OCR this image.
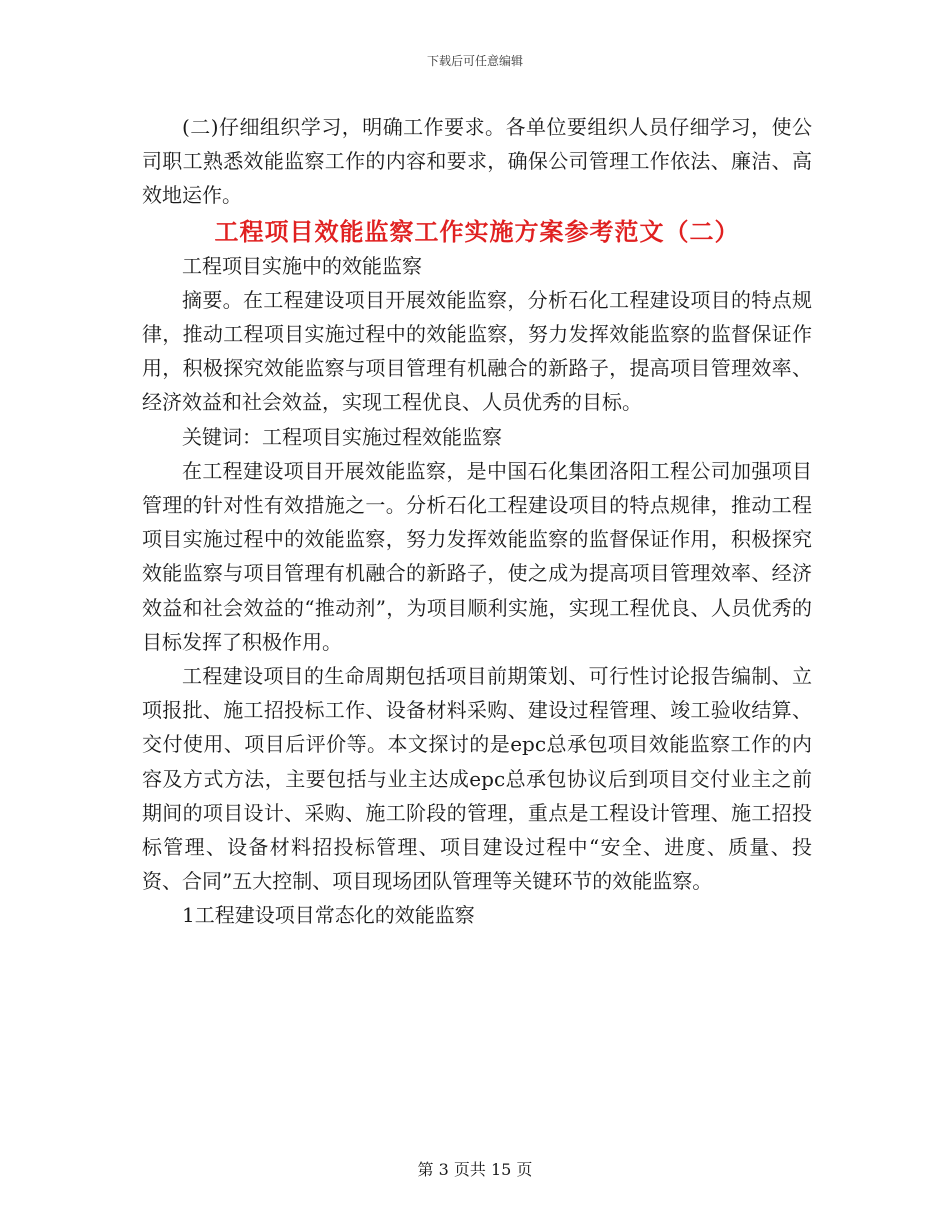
下载后可任意编辑

(二)仔细组织学习，明确工作要求。各单位要组织人员仔细学习，使公司职工熟悉效能监察工作的内容和要求，确保公司管理工作依法、廉洁、高效地运作。

工程项目效能监察工作实施方案参考范文（二）

工程项目实施中的效能监察

摘要。在工程建设项目开展效能监察，分析石化工程建设项目的特点规律，推动工程项目实施过程中的效能监察，努力发挥效能监察的监督保证作用，积极探究效能监察与项目管理有机融合的新路子，提高项目管理效率、经济效益和社会效益，实现工程优良、人员优秀的目标。

关键词：工程项目实施过程效能监察

在工程建设项目开展效能监察，是中国石化集团洛阳工程公司加强项目管理的针对性有效措施之一。分析石化工程建设项目的特点规律，推动工程项目实施过程中的效能监察，努力发挥效能监察的监督保证作用，积极探究效能监察与项目管理有机融合的新路子，使之成为提高项目管理效率、经济效益和社会效益的“推动剂”，为项目顺利实施，实现工程优良、人员优秀的目标发挥了积极作用。

工程建设项目的生命周期包括项目前期策划、可行性讨论报告编制、立项报批、施工招投标工作、设备材料采购、建设过程管理、竣工验收结算、交付使用、项目后评价等。本文探讨的是epc总承包项目效能监察工作的内容及方式方法，主要包括与业主达成epc总承包协议后到项目交付业主之前期间的项目设计、采购、施工阶段的管理，重点是工程设计管理、施工招投标管理、设备材料招投标管理、项目建设过程中“安全、进度、质量、投资、合同”五大控制、项目现场团队管理等关键环节的效能监察。

1工程建设项目常态化的效能监察

第 3 页共 15 页
